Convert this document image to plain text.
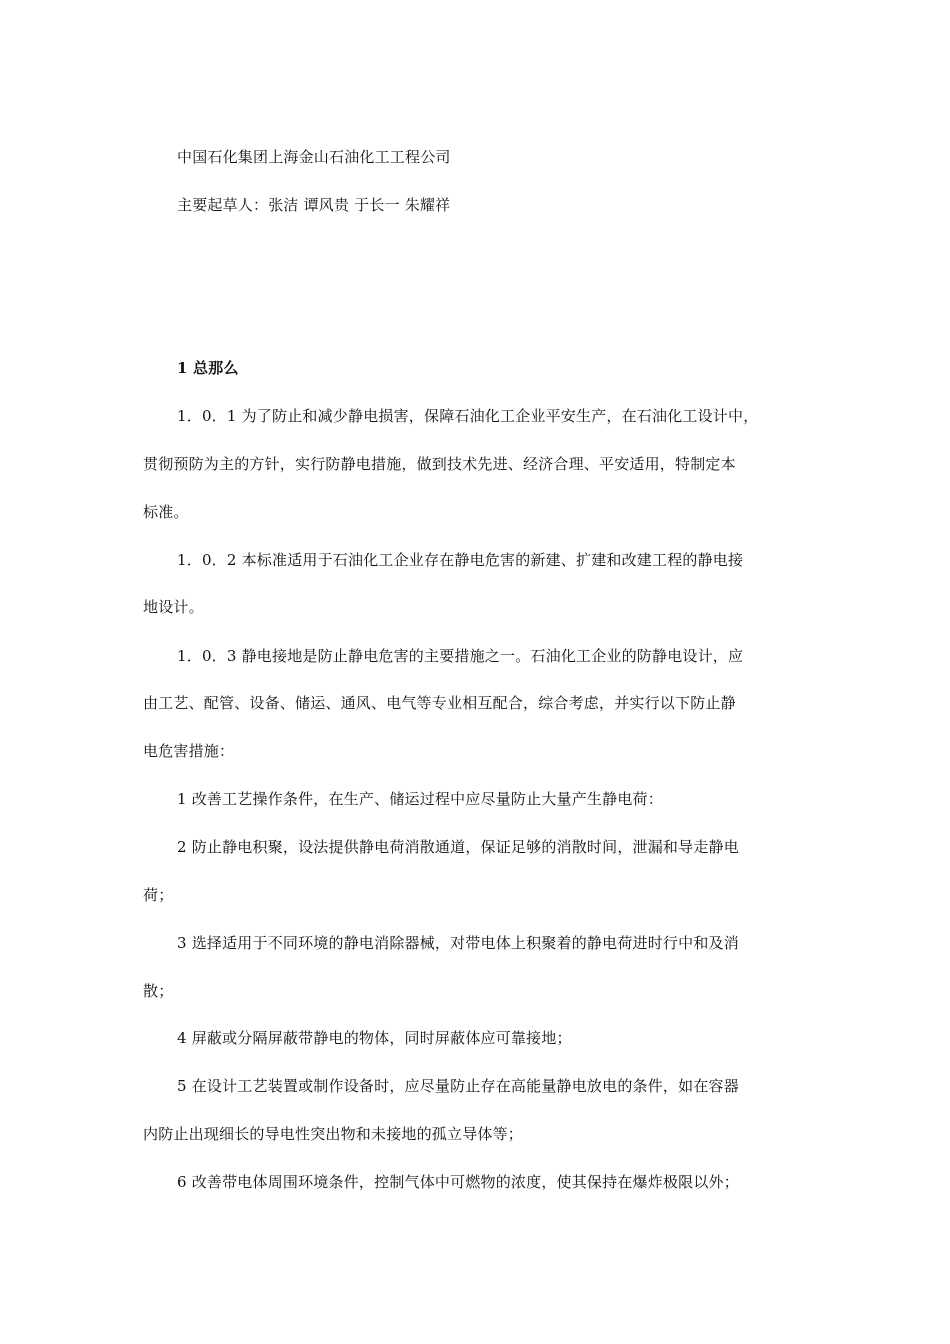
中国石化集团上海金山石油化工工程公司
主要起草人：张洁 谭风贵 于长一 朱耀祥
1 总那么
1．0．1 为了防止和减少静电损害，保障石油化工企业平安生产，在石油化工设计中，
贯彻预防为主的方针，实行防静电措施，做到技术先进、经济合理、平安适用，特制定本
标准。
1．0．2 本标准适用于石油化工企业存在静电危害的新建、扩建和改建工程的静电接
地设计。
1．0．3 静电接地是防止静电危害的主要措施之一。石油化工企业的防静电设计，应
由工艺、配管、设备、储运、通风、电气等专业相互配合，综合考虑，并实行以下防止静
电危害措施：
1 改善工艺操作条件，在生产、储运过程中应尽量防止大量产生静电荷：
2 防止静电积聚，设法提供静电荷消散通道，保证足够的消散时间，泄漏和导走静电
荷；
3 选择适用于不同环境的静电消除器械，对带电体上积聚着的静电荷进时行中和及消
散；
4 屏蔽或分隔屏蔽带静电的物体，同时屏蔽体应可靠接地；
5 在设计工艺装置或制作设备时，应尽量防止存在高能量静电放电的条件，如在容器
内防止出现细长的导电性突出物和未接地的孤立导体等；
6 改善带电体周围环境条件，控制气体中可燃物的浓度，使其保持在爆炸极限以外；
